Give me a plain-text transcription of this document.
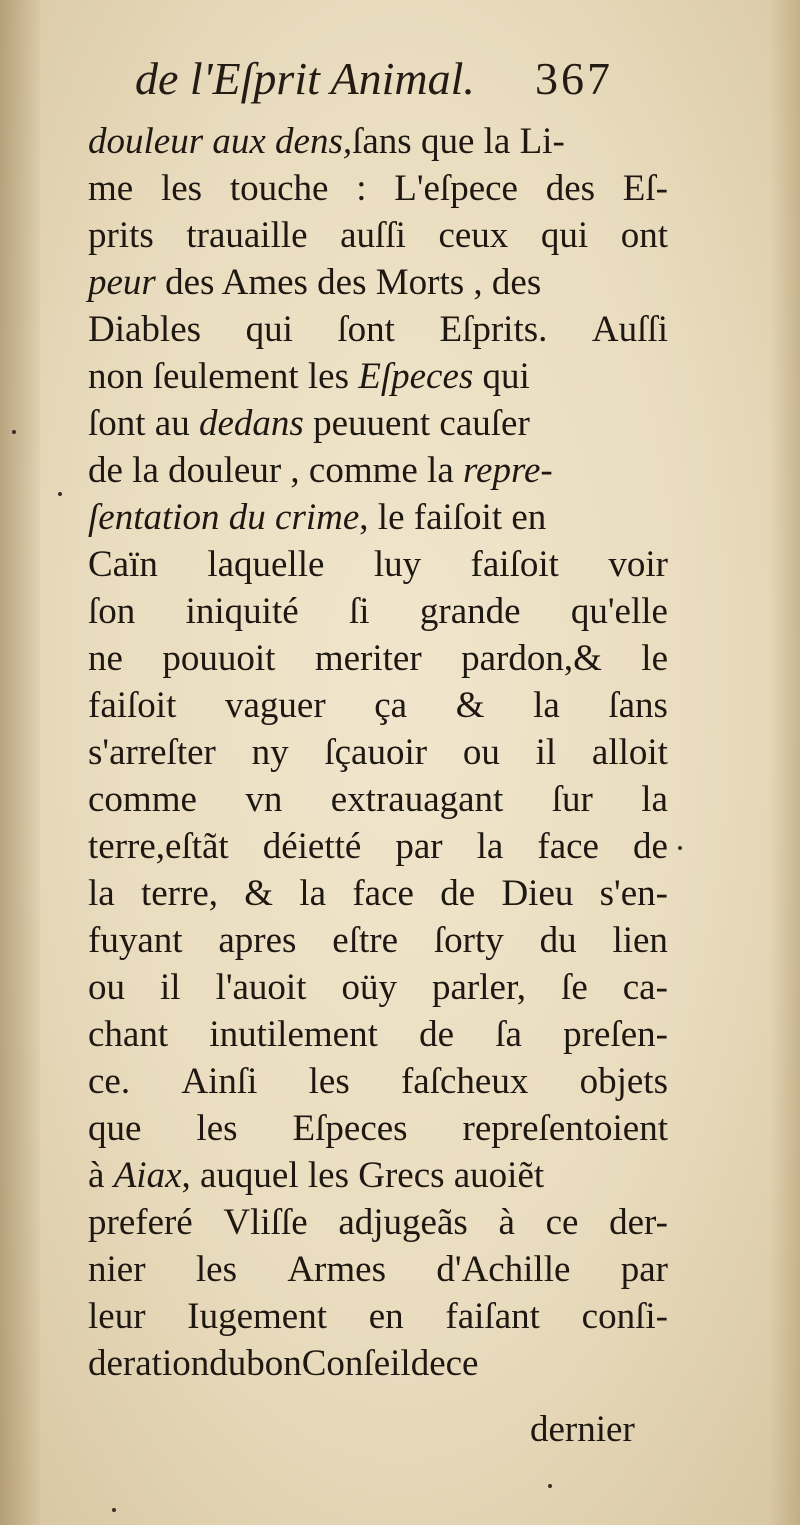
de l'Eſprit Animal. 367
douleur aux dens, ſans que la Li-
me les touche : L'eſpece des Eſ-
prits trauaille auſſi ceux qui ont
peur des Ames des Morts , des
Diables qui ſont Eſprits. Auſſi
non ſeulement les Eſpeces qui
ſont au dedans peuuent cauſer
de la douleur , comme la repre-
ſentation du crime , le faiſoit en
Caïn laquelle luy faiſoit voir
ſon iniquité ſi grande qu'elle
ne pouuoit meriter pardon,& le
faiſoit vaguer ça & la ſans
s'arreſter ny ſçauoir ou il alloit
comme vn extrauagant ſur la
terre,eſtãt déietté par la face de
la terre, & la face de Dieu s'en-
fuyant apres eſtre ſorty du lien
ou il l'auoit oüy parler, ſe ca-
chant inutilement de ſa preſen-
ce. Ainſi les faſcheux objets
que les Eſpeces repreſentoient
à Aiax , auquel les Grecs auoiẽt
preferé Vliſſe adjugeãs à ce der-
nier les Armes d'Achille par
leur Iugement en faiſant conſi-
deration du bon Conſeil de ce
dernier
